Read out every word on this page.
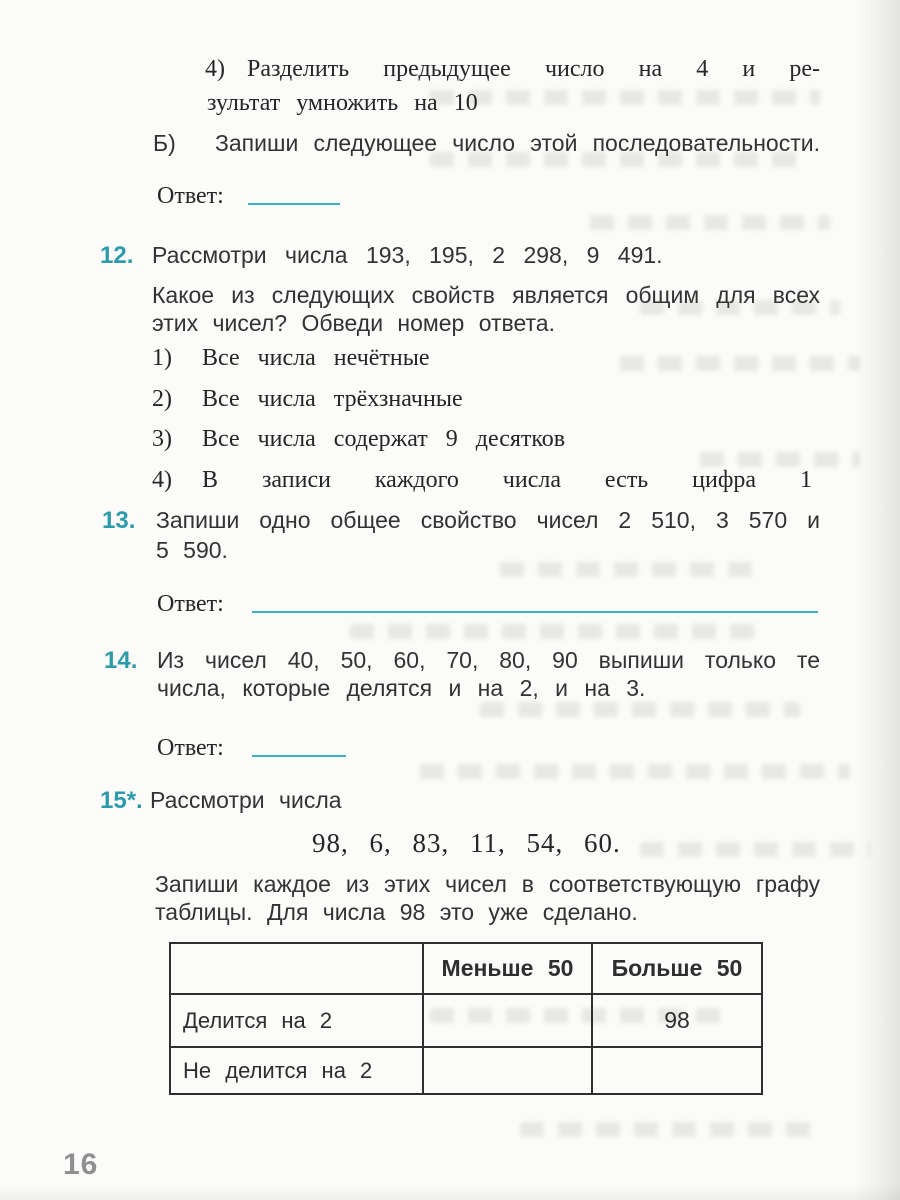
4) Разделить предыдущее число на 4 и ре-
зультат умножить на 10
Б) Запиши следующее число этой последовательности.
Ответ:
12. Рассмотри числа 193, 195, 2 298, 9 491.
Какое из следующих свойств является общим для всех
этих чисел? Обведи номер ответа.
1) Все числа нечётные
2) Все числа трёхзначные
3) Все числа содержат 9 десятков
4) В записи каждого числа есть цифра 1
13. Запиши одно общее свойство чисел 2 510, 3 570 и
5 590.
Ответ:
14. Из чисел 40, 50, 60, 70, 80, 90 выпиши только те
числа, которые делятся и на 2, и на 3.
Ответ:
15*. Рассмотри числа
98, 6, 83, 11, 54, 60.
Запиши каждое из этих чисел в соответствующую графу
таблицы. Для числа 98 это уже сделано.
	Меньше 50	Больше 50
Делится на 2		98
Не делится на 2		
16
